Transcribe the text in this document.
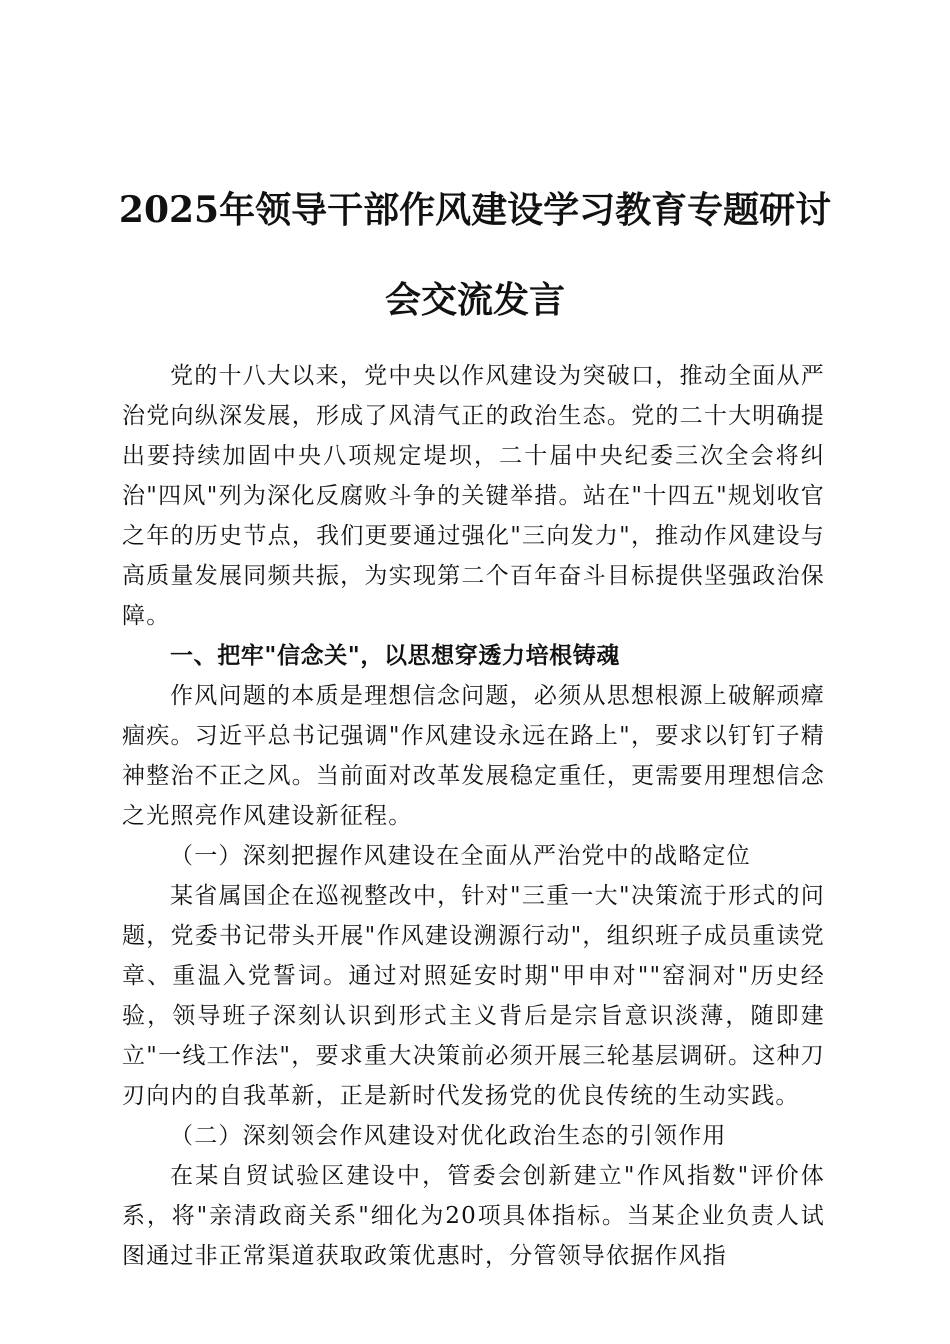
2025年领导干部作风建设学习教育专题研讨
会交流发言

党的十八大以来，党中央以作风建设为突破口，推动全面从严治党向纵深发展，形成了风清气正的政治生态。党的二十大明确提出要持续加固中央八项规定堤坝，二十届中央纪委三次全会将纠治"四风"列为深化反腐败斗争的关键举措。站在"十四五"规划收官之年的历史节点，我们更要通过强化"三向发力"，推动作风建设与高质量发展同频共振，为实现第二个百年奋斗目标提供坚强政治保障。

一、把牢"信念关"，以思想穿透力培根铸魂

作风问题的本质是理想信念问题，必须从思想根源上破解顽瘴痼疾。习近平总书记强调"作风建设永远在路上"，要求以钉钉子精神整治不正之风。当前面对改革发展稳定重任，更需要用理想信念之光照亮作风建设新征程。

（一）深刻把握作风建设在全面从严治党中的战略定位

某省属国企在巡视整改中，针对"三重一大"决策流于形式的问题，党委书记带头开展"作风建设溯源行动"，组织班子成员重读党章、重温入党誓词。通过对照延安时期"甲申对""窑洞对"历史经验，领导班子深刻认识到形式主义背后是宗旨意识淡薄，随即建立"一线工作法"，要求重大决策前必须开展三轮基层调研。这种刀刃向内的自我革新，正是新时代发扬党的优良传统的生动实践。

（二）深刻领会作风建设对优化政治生态的引领作用

在某自贸试验区建设中，管委会创新建立"作风指数"评价体系，将"亲清政商关系"细化为20项具体指标。当某企业负责人试图通过非正常渠道获取政策优惠时，分管领导依据作风指
